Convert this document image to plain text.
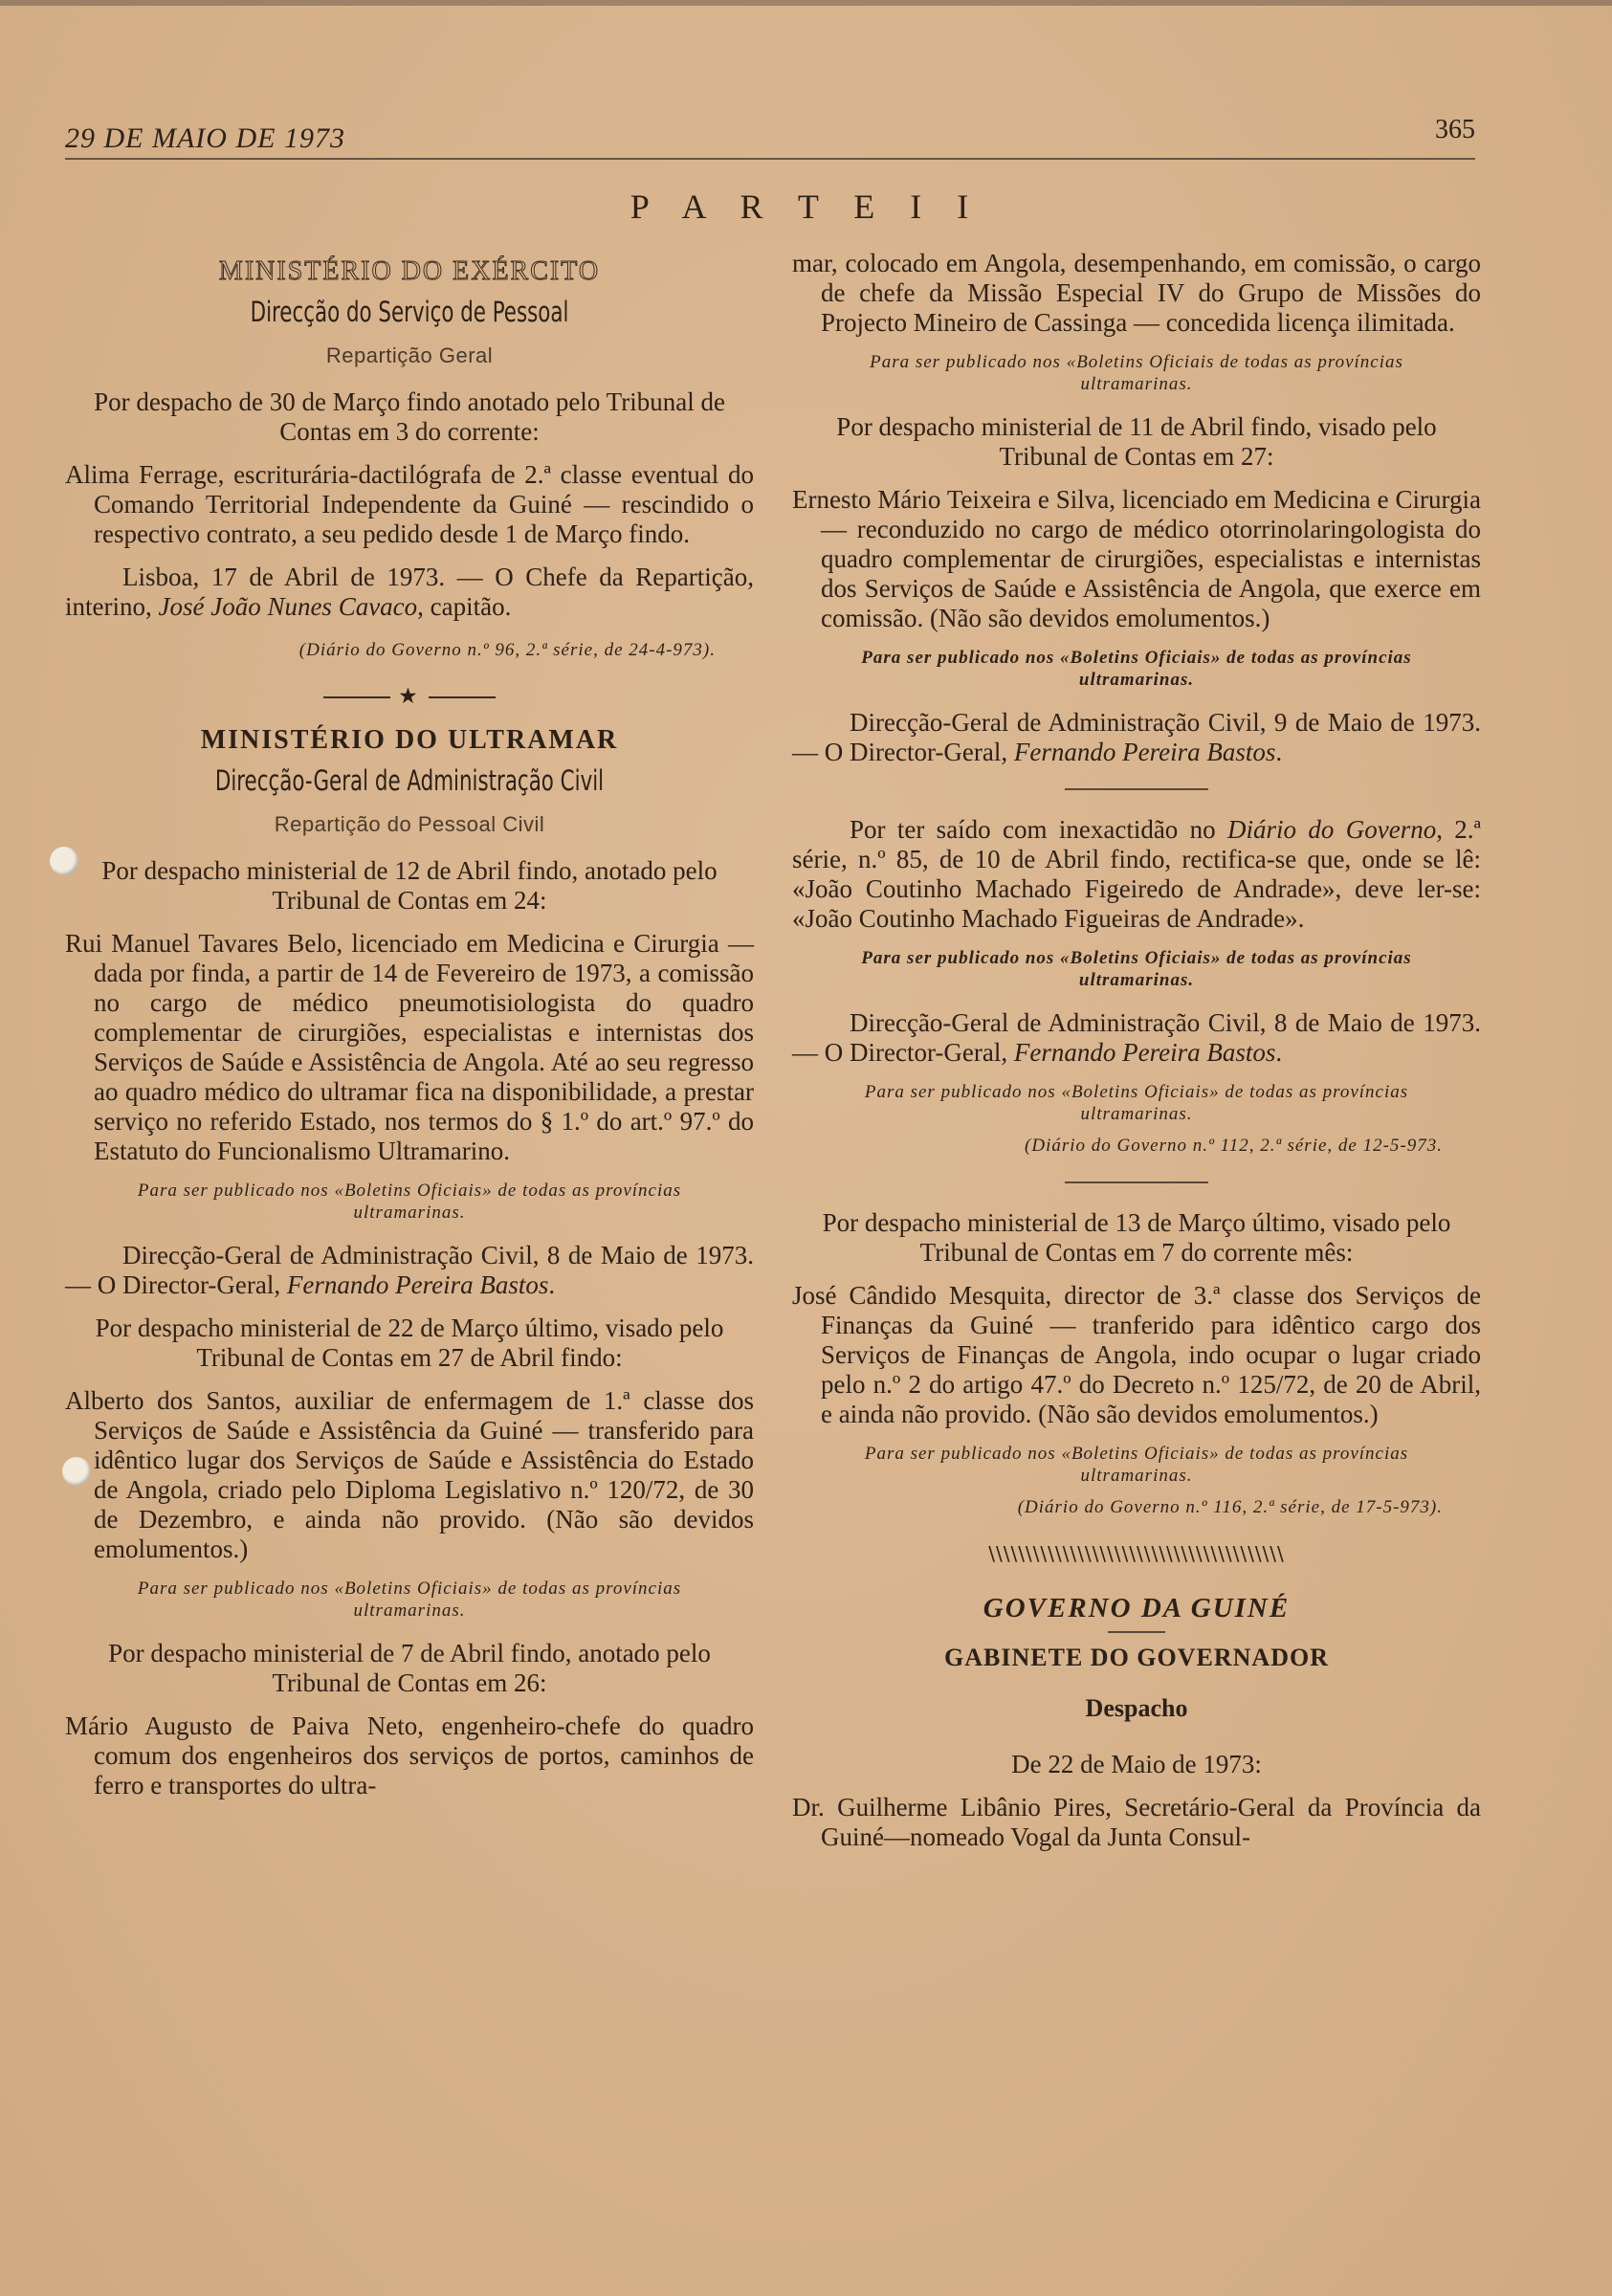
29 DE MAIO DE 1973	365
P A R T E I I
MINISTÉRIO DO EXÉRCITO
Direcção do Serviço de Pessoal
Repartição Geral

Por despacho de 30 de Março findo anotado pelo Tribunal de Contas em 3 do corrente:

Alima Ferrage, escriturária-dactilógrafa de 2.ª classe eventual do Comando Territorial Independente da Guiné — rescindido o respectivo contrato, a seu pedido desde 1 de Março findo.

Lisboa, 17 de Abril de 1973. — O Chefe da Repartição, interino, José João Nunes Cavaco, capitão.

(Diário do Governo n.º 96, 2.ª série, de 24-4-973).
★
MINISTÉRIO DO ULTRAMAR
Direcção-Geral de Administração Civil
Repartição do Pessoal Civil

Por despacho ministerial de 12 de Abril findo, anotado pelo Tribunal de Contas em 24:

Rui Manuel Tavares Belo, licenciado em Medicina e Cirurgia — dada por finda, a partir de 14 de Fevereiro de 1973, a comissão no cargo de médico pneumotisiologista do quadro complementar de cirurgiões, especialistas e internistas dos Serviços de Saúde e Assistência de Angola. Até ao seu regresso ao quadro médico do ultramar fica na disponibilidade, a prestar serviço no referido Estado, nos termos do § 1.º do art.º 97.º do Estatuto do Funcionalismo Ultramarino.

Para ser publicado nos «Boletins Oficiais» de todas as províncias ultramarinas.

Direcção-Geral de Administração Civil, 8 de Maio de 1973. — O Director-Geral, Fernando Pereira Bastos.

Por despacho ministerial de 22 de Março último, visado pelo Tribunal de Contas em 27 de Abril findo:

Alberto dos Santos, auxiliar de enfermagem de 1.ª classe dos Serviços de Saúde e Assistência da Guiné — transferido para idêntico lugar dos Serviços de Saúde e Assistência do Estado de Angola, criado pelo Diploma Legislativo n.º 120/72, de 30 de Dezembro, e ainda não provido. (Não são devidos emolumentos.)

Para ser publicado nos «Boletins Oficiais» de todas as províncias ultramarinas.

Por despacho ministerial de 7 de Abril findo, anotado pelo Tribunal de Contas em 26:

Mário Augusto de Paiva Neto, engenheiro-chefe do quadro comum dos engenheiros dos serviços de portos, caminhos de ferro e transportes do ultra-

mar, colocado em Angola, desempenhando, em comissão, o cargo de chefe da Missão Especial IV do Grupo de Missões do Projecto Mineiro de Cassinga — concedida licença ilimitada.

Para ser publicado nos «Boletins Oficiais de todas as províncias ultramarinas.

Por despacho ministerial de 11 de Abril findo, visado pelo Tribunal de Contas em 27:

Ernesto Mário Teixeira e Silva, licenciado em Medicina e Cirurgia — reconduzido no cargo de médico otorrinolaringologista do quadro complementar de cirurgiões, especialistas e internistas dos Serviços de Saúde e Assistência de Angola, que exerce em comissão. (Não são devidos emolumentos.)

Para ser publicado nos «Boletins Oficiais» de todas as províncias ultramarinas.

Direcção-Geral de Administração Civil, 9 de Maio de 1973. — O Director-Geral, Fernando Pereira Bastos.

Por ter saído com inexactidão no Diário do Governo, 2.ª série, n.º 85, de 10 de Abril findo, rectifica-se que, onde se lê: «João Coutinho Machado Figeiredo de Andrade», deve ler-se: «João Coutinho Machado Figueiras de Andrade».

Para ser publicado nos «Boletins Oficiais» de todas as províncias ultramarinas.

Direcção-Geral de Administração Civil, 8 de Maio de 1973. — O Director-Geral, Fernando Pereira Bastos.

Para ser publicado nos «Boletins Oficiais» de todas as províncias ultramarinas.
(Diário do Governo n.º 112, 2.ª série, de 12-5-973.

Por despacho ministerial de 13 de Março último, visado pelo Tribunal de Contas em 7 do corrente mês:

José Cândido Mesquita, director de 3.ª classe dos Serviços de Finanças da Guiné — tranferido para idêntico cargo dos Serviços de Finanças de Angola, indo ocupar o lugar criado pelo n.º 2 do artigo 47.º do Decreto n.º 125/72, de 20 de Abril, e ainda não provido. (Não são devidos emolumentos.)

Para ser publicado nos «Boletins Oficiais» de todas as províncias ultramarinas.
(Diário do Governo n.º 116, 2.ª série, de 17-5-973).
\\\\\\\\\\\\\\\\\\\\\\\\\\\\\\\\\\\\\\\\
GOVERNO DA GUINÉ
GABINETE DO GOVERNADOR
Despacho

De 22 de Maio de 1973:

Dr. Guilherme Libânio Pires, Secretário-Geral da Província da Guiné—nomeado Vogal da Junta Consul-
